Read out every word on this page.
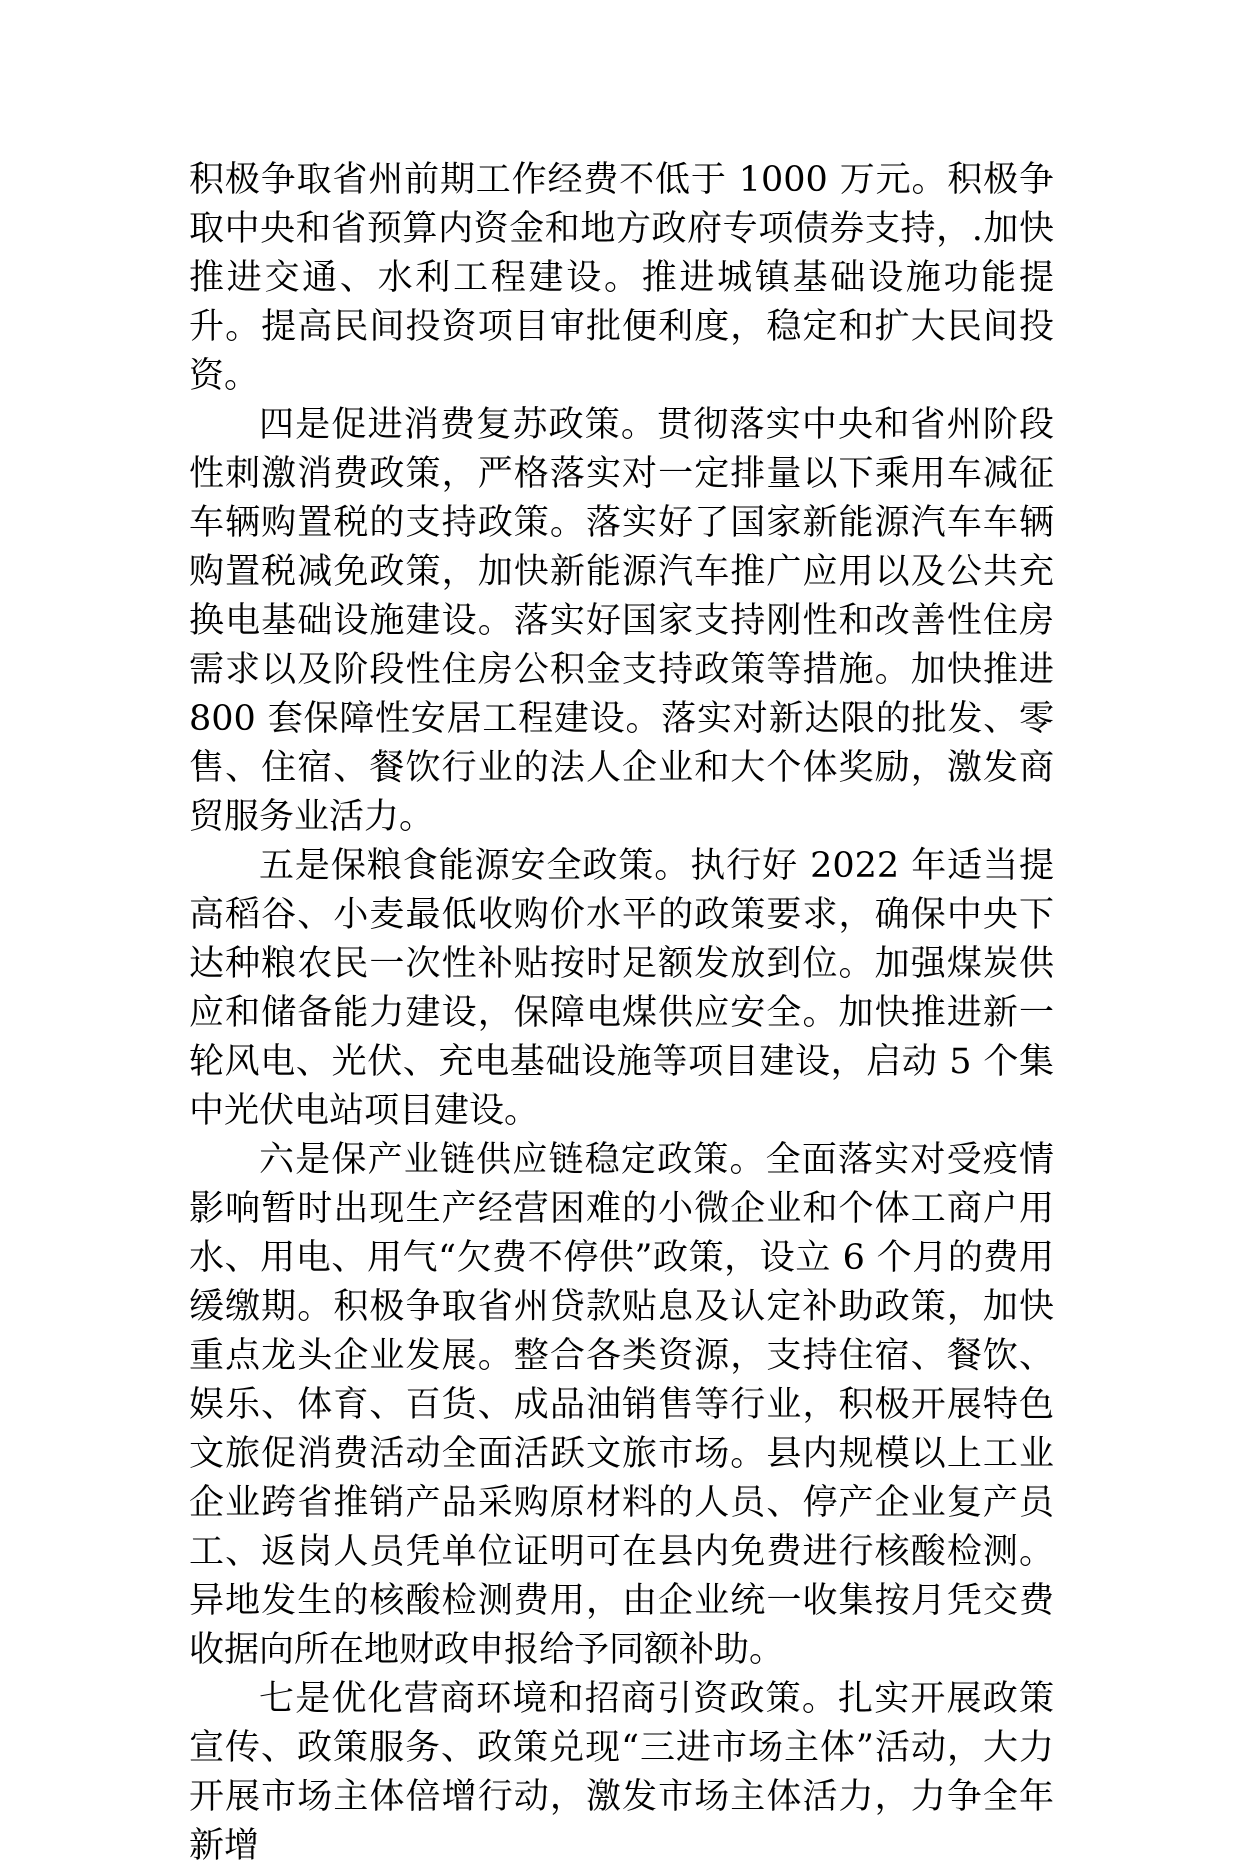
积极争取省州前期工作经费不低于 1000 万元。积极争取中央和省预算内资金和地方政府专项债券支持，.加快推进交通、水利工程建设。推进城镇基础设施功能提升。提高民间投资项目审批便利度，稳定和扩大民间投资。

四是促进消费复苏政策。贯彻落实中央和省州阶段性刺激消费政策，严格落实对一定排量以下乘用车减征车辆购置税的支持政策。落实好了国家新能源汽车车辆购置税减免政策，加快新能源汽车推广应用以及公共充换电基础设施建设。落实好国家支持刚性和改善性住房需求以及阶段性住房公积金支持政策等措施。加快推进 800 套保障性安居工程建设。落实对新达限的批发、零售、住宿、餐饮行业的法人企业和大个体奖励，激发商贸服务业活力。

五是保粮食能源安全政策。执行好 2022 年适当提高稻谷、小麦最低收购价水平的政策要求，确保中央下达种粮农民一次性补贴按时足额发放到位。加强煤炭供应和储备能力建设，保障电煤供应安全。加快推进新一轮风电、光伏、充电基础设施等项目建设，启动 5 个集中光伏电站项目建设。

六是保产业链供应链稳定政策。全面落实对受疫情影响暂时出现生产经营困难的小微企业和个体工商户用水、用电、用气“欠费不停供”政策，设立 6 个月的费用缓缴期。积极争取省州贷款贴息及认定补助政策，加快重点龙头企业发展。整合各类资源，支持住宿、餐饮、娱乐、体育、百货、成品油销售等行业，积极开展特色文旅促消费活动全面活跃文旅市场。县内规模以上工业企业跨省推销产品采购原材料的人员、停产企业复产员工、返岗人员凭单位证明可在县内免费进行核酸检测。异地发生的核酸检测费用，由企业统一收集按月凭交费收据向所在地财政申报给予同额补助。

七是优化营商环境和招商引资政策。扎实开展政策宣传、政策服务、政策兑现“三进市场主体”活动，大力开展市场主体倍增行动，激发市场主体活力，力争全年新增
